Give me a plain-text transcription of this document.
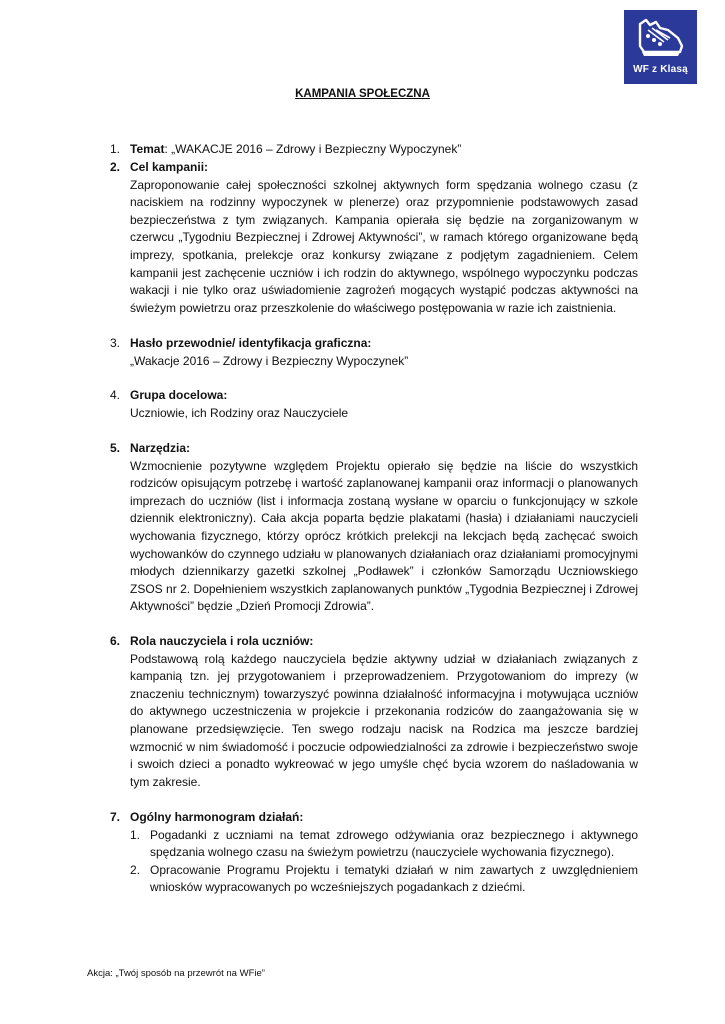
WF z Klasą
KAMPANIA SPOŁECZNA
1. Temat: „WAKACJE 2016 – Zdrowy i Bezpieczny Wypoczynek”
2. Cel kampanii:
Zaproponowanie całej społeczności szkolnej aktywnych form spędzania wolnego czasu (z naciskiem na rodzinny wypoczynek w plenerze) oraz przypomnienie podstawowych zasad bezpieczeństwa z tym związanych. Kampania opierała się będzie na zorganizowanym w czerwcu „Tygodniu Bezpiecznej i Zdrowej Aktywności”, w ramach którego organizowane będą imprezy, spotkania, prelekcje oraz konkursy związane z podjętym zagadnieniem. Celem kampanii jest zachęcenie uczniów i ich rodzin do aktywnego, wspólnego wypoczynku podczas wakacji i nie tylko oraz uświadomienie zagrożeń mogących wystąpić podczas aktywności na świeżym powietrzu oraz przeszkolenie do właściwego postępowania w razie ich zaistnienia.
3. Hasło przewodnie/ identyfikacja graficzna:
„Wakacje 2016 – Zdrowy i Bezpieczny Wypoczynek”
4. Grupa docelowa:
Uczniowie, ich Rodziny oraz Nauczyciele
5. Narzędzia:
Wzmocnienie pozytywne względem Projektu opierało się będzie na liście do wszystkich rodziców opisującym potrzebę i wartość zaplanowanej kampanii oraz informacji o planowanych imprezach do uczniów (list i informacja zostaną wysłane w oparciu o funkcjonujący w szkole dziennik elektroniczny). Cała akcja poparta będzie plakatami (hasła) i działaniami nauczycieli wychowania fizycznego, którzy oprócz krótkich prelekcji na lekcjach będą zachęcać swoich wychowanków do czynnego udziału w planowanych działaniach oraz działaniami promocyjnymi młodych dziennikarzy gazetki szkolnej „Podławek” i członków Samorządu Uczniowskiego ZSOS nr 2. Dopełnieniem wszystkich zaplanowanych punktów „Tygodnia Bezpiecznej i Zdrowej Aktywności” będzie „Dzień Promocji Zdrowia”.
6. Rola nauczyciela i rola uczniów:
Podstawową rolą każdego nauczyciela będzie aktywny udział w działaniach związanych z kampanią tzn. jej przygotowaniem i przeprowadzeniem. Przygotowaniom do imprezy (w znaczeniu technicznym) towarzyszyć powinna działalność informacyjna i motywująca uczniów do aktywnego uczestniczenia w projekcie i przekonania rodziców do zaangażowania się w planowane przedsięwzięcie. Ten swego rodzaju nacisk na Rodzica ma jeszcze bardziej wzmocnić w nim świadomość i poczucie odpowiedzialności za zdrowie i bezpieczeństwo swoje i swoich dzieci a ponadto wykreować w jego umyśle chęć bycia wzorem do naśladowania w tym zakresie.
7. Ogólny harmonogram działań:
1. Pogadanki z uczniami na temat zdrowego odżywiania oraz bezpiecznego i aktywnego spędzania wolnego czasu na świeżym powietrzu (nauczyciele wychowania fizycznego).
2. Opracowanie Programu Projektu i tematyki działań w nim zawartych z uwzględnieniem wniosków wypracowanych po wcześniejszych pogadankach z dziećmi.
Akcja: „Twój sposób na przewrót na WFie”
